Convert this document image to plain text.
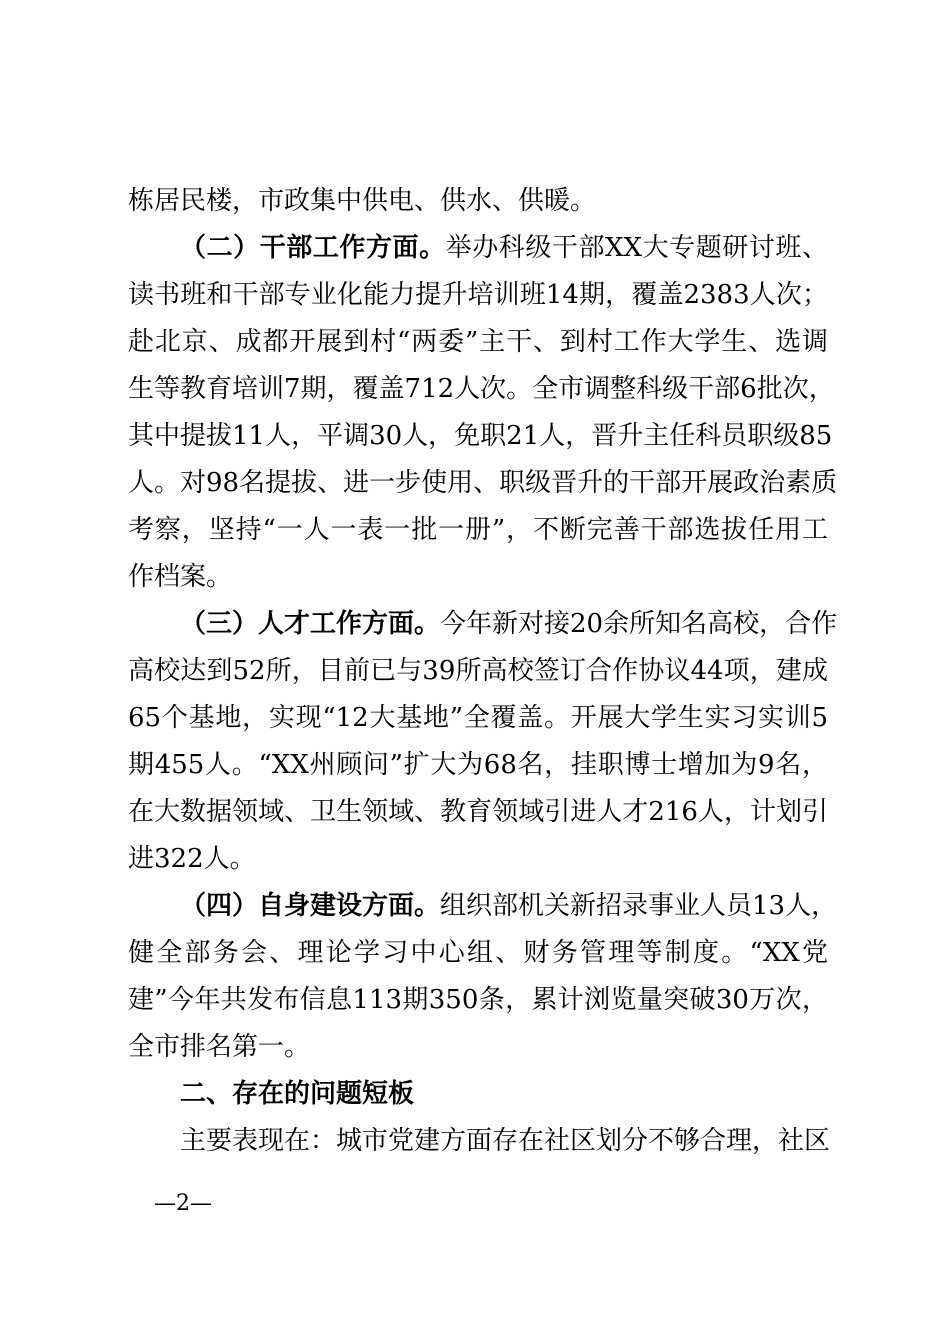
栋居民楼，市政集中供电、供水、供暖。
（二）干部工作方面。举办科级干部XX大专题研讨班、
读书班和干部专业化能力提升培训班14期，覆盖2383人次；
赴北京、成都开展到村“两委”主干、到村工作大学生、选调
生等教育培训7期，覆盖712人次。全市调整科级干部6批次，
其中提拔11人，平调30人，免职21人，晋升主任科员职级85
人。对98名提拔、进一步使用、职级晋升的干部开展政治素质
考察，坚持“一人一表一批一册”，不断完善干部选拔任用工
作档案。
（三）人才工作方面。今年新对接20余所知名高校，合作
高校达到52所，目前已与39所高校签订合作协议44项，建成
65个基地，实现“12大基地”全覆盖。开展大学生实习实训5
期455人。“XX州顾问”扩大为68名，挂职博士增加为9名，
在大数据领域、卫生领域、教育领域引进人才216人，计划引
进322人。
（四）自身建设方面。组织部机关新招录事业人员13人，
健全部务会、理论学习中心组、财务管理等制度。“XX党
建”今年共发布信息113期350条，累计浏览量突破30万次，
全市排名第一。
二、存在的问题短板
主要表现在：城市党建方面存在社区划分不够合理，社区
—2—
